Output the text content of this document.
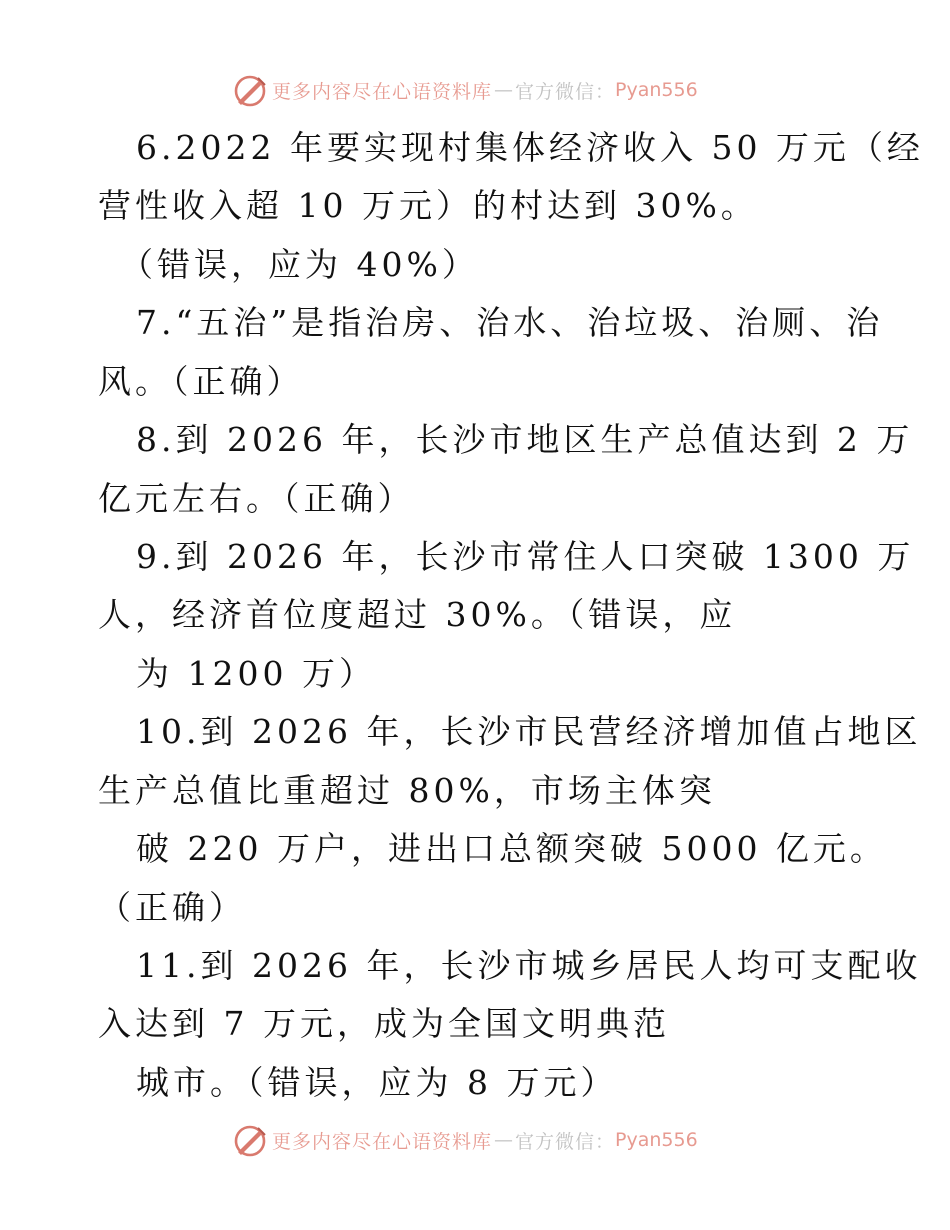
更多内容尽在心语资料库 — 官方微信： Pyan556
6.2022 年要实现村集体经济收入 50 万元（经
营性收入超 10 万元）的村达到 30%。
（错误，应为 40%）
7.“五治”是指治房、治水、治垃圾、治厕、治
风。（正确）
8.到 2026 年，长沙市地区生产总值达到 2 万
亿元左右。（正确）
9.到 2026 年，长沙市常住人口突破 1300 万
人，经济首位度超过 30%。（错误，应
为 1200 万）
10.到 2026 年，长沙市民营经济增加值占地区
生产总值比重超过 80%，市场主体突
破 220 万户，进出口总额突破 5000 亿元。
（正确）
11.到 2026 年，长沙市城乡居民人均可支配收
入达到 7 万元，成为全国文明典范
城市。（错误，应为 8 万元）
更多内容尽在心语资料库 — 官方微信： Pyan556
